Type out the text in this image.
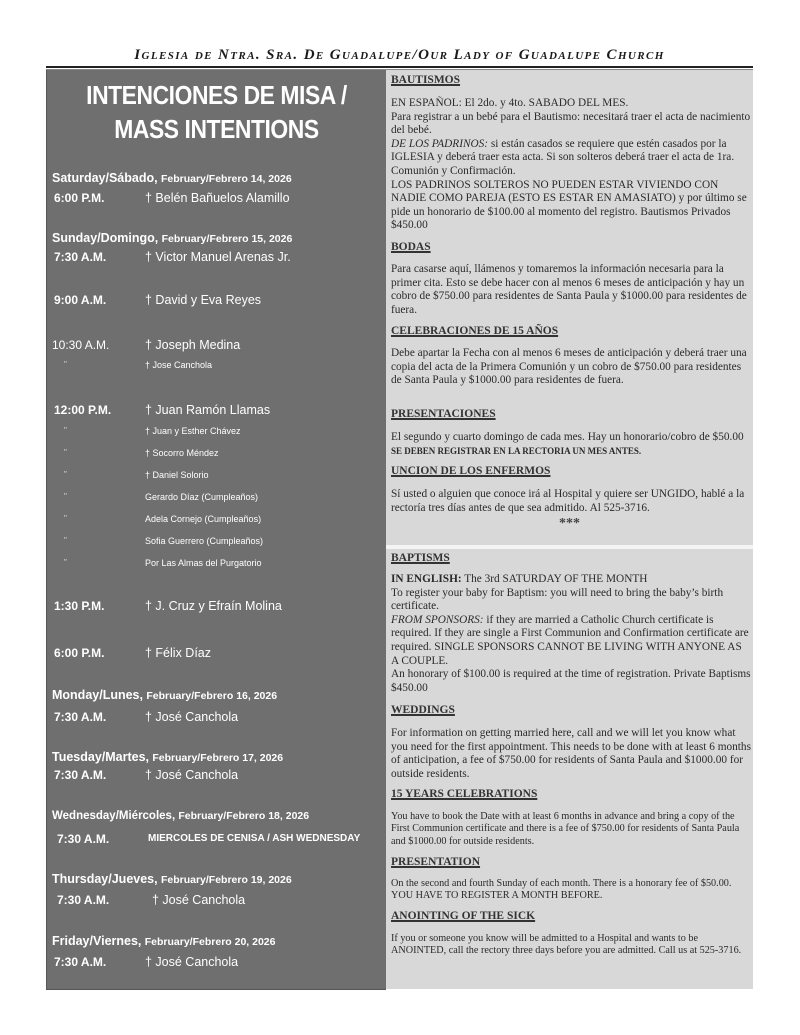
Iglesia de Ntra. Sra. De Guadalupe/Our Lady of Guadalupe Church
INTENCIONES DE MISA /
MASS INTENTIONS
Saturday/Sábado, February/Febrero 14, 2026
6:00 P.M.	† Belén Bañuelos Alamillo
Sunday/Domingo, February/Febrero 15, 2026
7:30 A.M.	† Victor Manuel Arenas Jr.
9:00 A.M.	† David y Eva Reyes
10:30 A.M.	† Joseph Medina
"	† Jose Canchola
12:00 P.M.	† Juan Ramón Llamas
"	† Juan y Esther Chávez
"	† Socorro Méndez
"	† Daniel Solorio
"	Gerardo Díaz (Cumpleaños)
"	Adela Cornejo (Cumpleaños)
"	Sofia Guerrero (Cumpleaños)
"	Por Las Almas del Purgatorio
1:30 P.M.	† J. Cruz y Efraín Molina
6:00 P.M.	† Félix Díaz
Monday/Lunes, February/Febrero 16, 2026
7:30 A.M.	† José Canchola
Tuesday/Martes, February/Febrero 17, 2026
7:30 A.M.	† José Canchola
Wednesday/Miércoles, February/Febrero 18, 2026
7:30 A.M.	MIERCOLES DE CENISA / ASH WEDNESDAY
Thursday/Jueves, February/Febrero 19, 2026
7:30 A.M.	† José Canchola
Friday/Viernes, February/Febrero 20, 2026
7:30 A.M.	† José Canchola
BAUTISMOS
EN ESPAÑOL: El 2do. y 4to. SABADO DEL MES.
Para registrar a un bebé para el Bautismo: necesitará traer el acta de nacimiento del bebé.
DE LOS PADRINOS: si están casados se requiere que estén casados por la IGLESIA y deberá traer esta acta. Si son solteros deberá traer el acta de 1ra. Comunión y Confirmación.
LOS PADRINOS SOLTEROS NO PUEDEN ESTAR VIVIENDO CON NADIE COMO PAREJA (ESTO ES ESTAR EN AMASIATO) y por último se pide un honorario de $100.00 al momento del registro. Bautismos Privados $450.00
BODAS
Para casarse aquí, llámenos y tomaremos la información necesaria para la primer cita. Esto se debe hacer con al menos 6 meses de anticipación y hay un cobro de $750.00 para residentes de Santa Paula y $1000.00 para residentes de fuera.
CELEBRACIONES DE 15 AÑOS
Debe apartar la Fecha con al menos 6 meses de anticipación y deberá traer una copia del acta de la Primera Comunión y un cobro de $750.00 para residentes de Santa Paula y $1000.00 para residentes de fuera.
PRESENTACIONES
El segundo y cuarto domingo de cada mes. Hay un honorario/cobro de $50.00 SE DEBEN REGISTRAR EN LA RECTORIA UN MES ANTES.
UNCION DE LOS ENFERMOS
Sí usted o alguien que conoce irá al Hospital y quiere ser UNGIDO, hablé a la rectoría tres días antes de que sea admitido. Al 525-3716.
***
BAPTISMS
IN ENGLISH: The 3rd SATURDAY OF THE MONTH
To register your baby for Baptism: you will need to bring the baby’s birth certificate.
FROM SPONSORS: if they are married a Catholic Church certificate is required. If they are single a First Communion and Confirmation certificate are required. SINGLE SPONSORS CANNOT BE LIVING WITH ANYONE AS A COUPLE.
An honorary of $100.00 is required at the time of registration. Private Baptisms $450.00
WEDDINGS
For information on getting married here, call and we will let you know what you need for the first appointment. This needs to be done with at least 6 months of anticipation, a fee of $750.00 for residents of Santa Paula and $1000.00 for outside residents.
15 YEARS CELEBRATIONS
You have to book the Date with at least 6 months in advance and bring a copy of the First Communion certificate and there is a fee of $750.00 for residents of Santa Paula and $1000.00 for outside residents.
PRESENTATION
On the second and fourth Sunday of each month. There is a honorary fee of $50.00. YOU HAVE TO REGISTER A MONTH BEFORE.
ANOINTING OF THE SICK
If you or someone you know will be admitted to a Hospital and wants to be ANOINTED, call the rectory three days before you are admitted. Call us at 525-3716.
